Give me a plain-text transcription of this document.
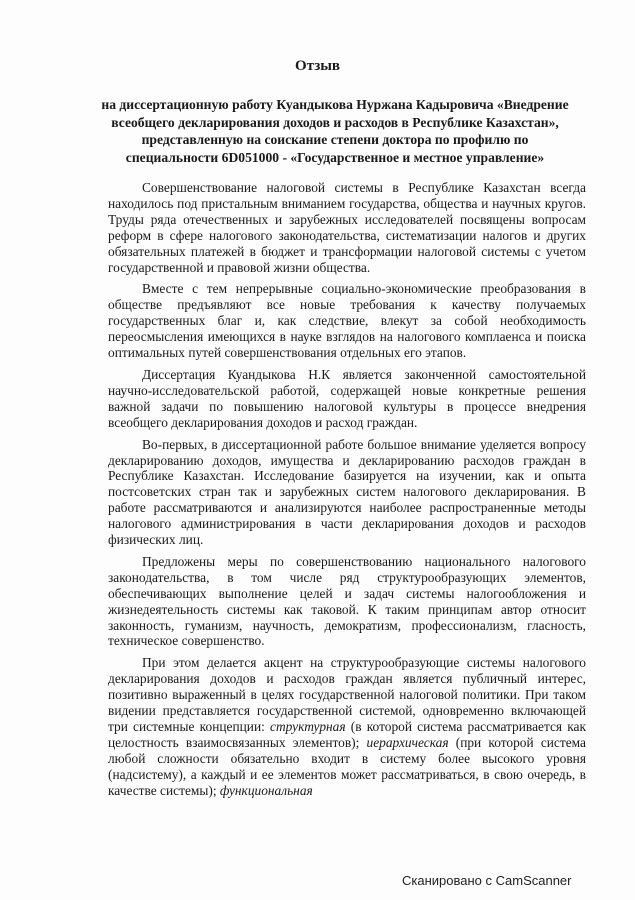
Отзыв
на диссертационную работу Куандыкова Нуржана Кадыровича «Внедрение всеобщего декларирования доходов и расходов в Республике Казахстан», представленную на соискание степени доктора по профилю по специальности 6D051000 - «Государственное и местное управление»

Совершенствование налоговой системы в Республике Казахстан всегда находилось под пристальным вниманием государства, общества и научных кругов. Труды ряда отечественных и зарубежных исследователей посвящены вопросам реформ в сфере налогового законодательства, систематизации налогов и других обязательных платежей в бюджет и трансформации налоговой системы с учетом государственной и правовой жизни общества.

Вместе с тем непрерывные социально-экономические преобразования в обществе предъявляют все новые требования к качеству получаемых государственных благ и, как следствие, влекут за собой необходимость переосмысления имеющихся в науке взглядов на налогового комплаенса и поиска оптимальных путей совершенствования отдельных его этапов.

Диссертация Куандыкова Н.К является законченной самостоятельной научно-исследовательской работой, содержащей новые конкретные решения важной задачи по повышению налоговой культуры в процессе внедрения всеобщего декларирования доходов и расход граждан.

Во-первых, в диссертационной работе большое внимание уделяется вопросу декларированию доходов, имущества и декларированию расходов граждан в Республике Казахстан. Исследование базируется на изучении, как и опыта постсоветских стран так и зарубежных систем налогового декларирования. В работе рассматриваются и анализируются наиболее распространенные методы налогового администрирования в части декларирования доходов и расходов физических лиц.

Предложены меры по совершенствованию национального налогового законодательства, в том числе ряд структурообразующих элементов, обеспечивающих выполнение целей и задач системы налогообложения и жизнедеятельность системы как таковой. К таким принципам автор относит законность, гуманизм, научность, демократизм, профессионализм, гласность, техническое совершенство.

При этом делается акцент на структурообразующие системы налогового декларирования доходов и расходов граждан является публичный интерес, позитивно выраженный в целях государственной налоговой политики. При таком видении представляется государственной системой, одновременно включающей три системные концепции: структурная (в которой система рассматривается как целостность взаимосвязанных элементов); иерархическая (при которой система любой сложности обязательно входит в систему более высокого уровня (надсистему), а каждый и ее элементов может рассматриваться, в свою очередь, в качестве системы); функциональная

Сканировано с CamScanner
